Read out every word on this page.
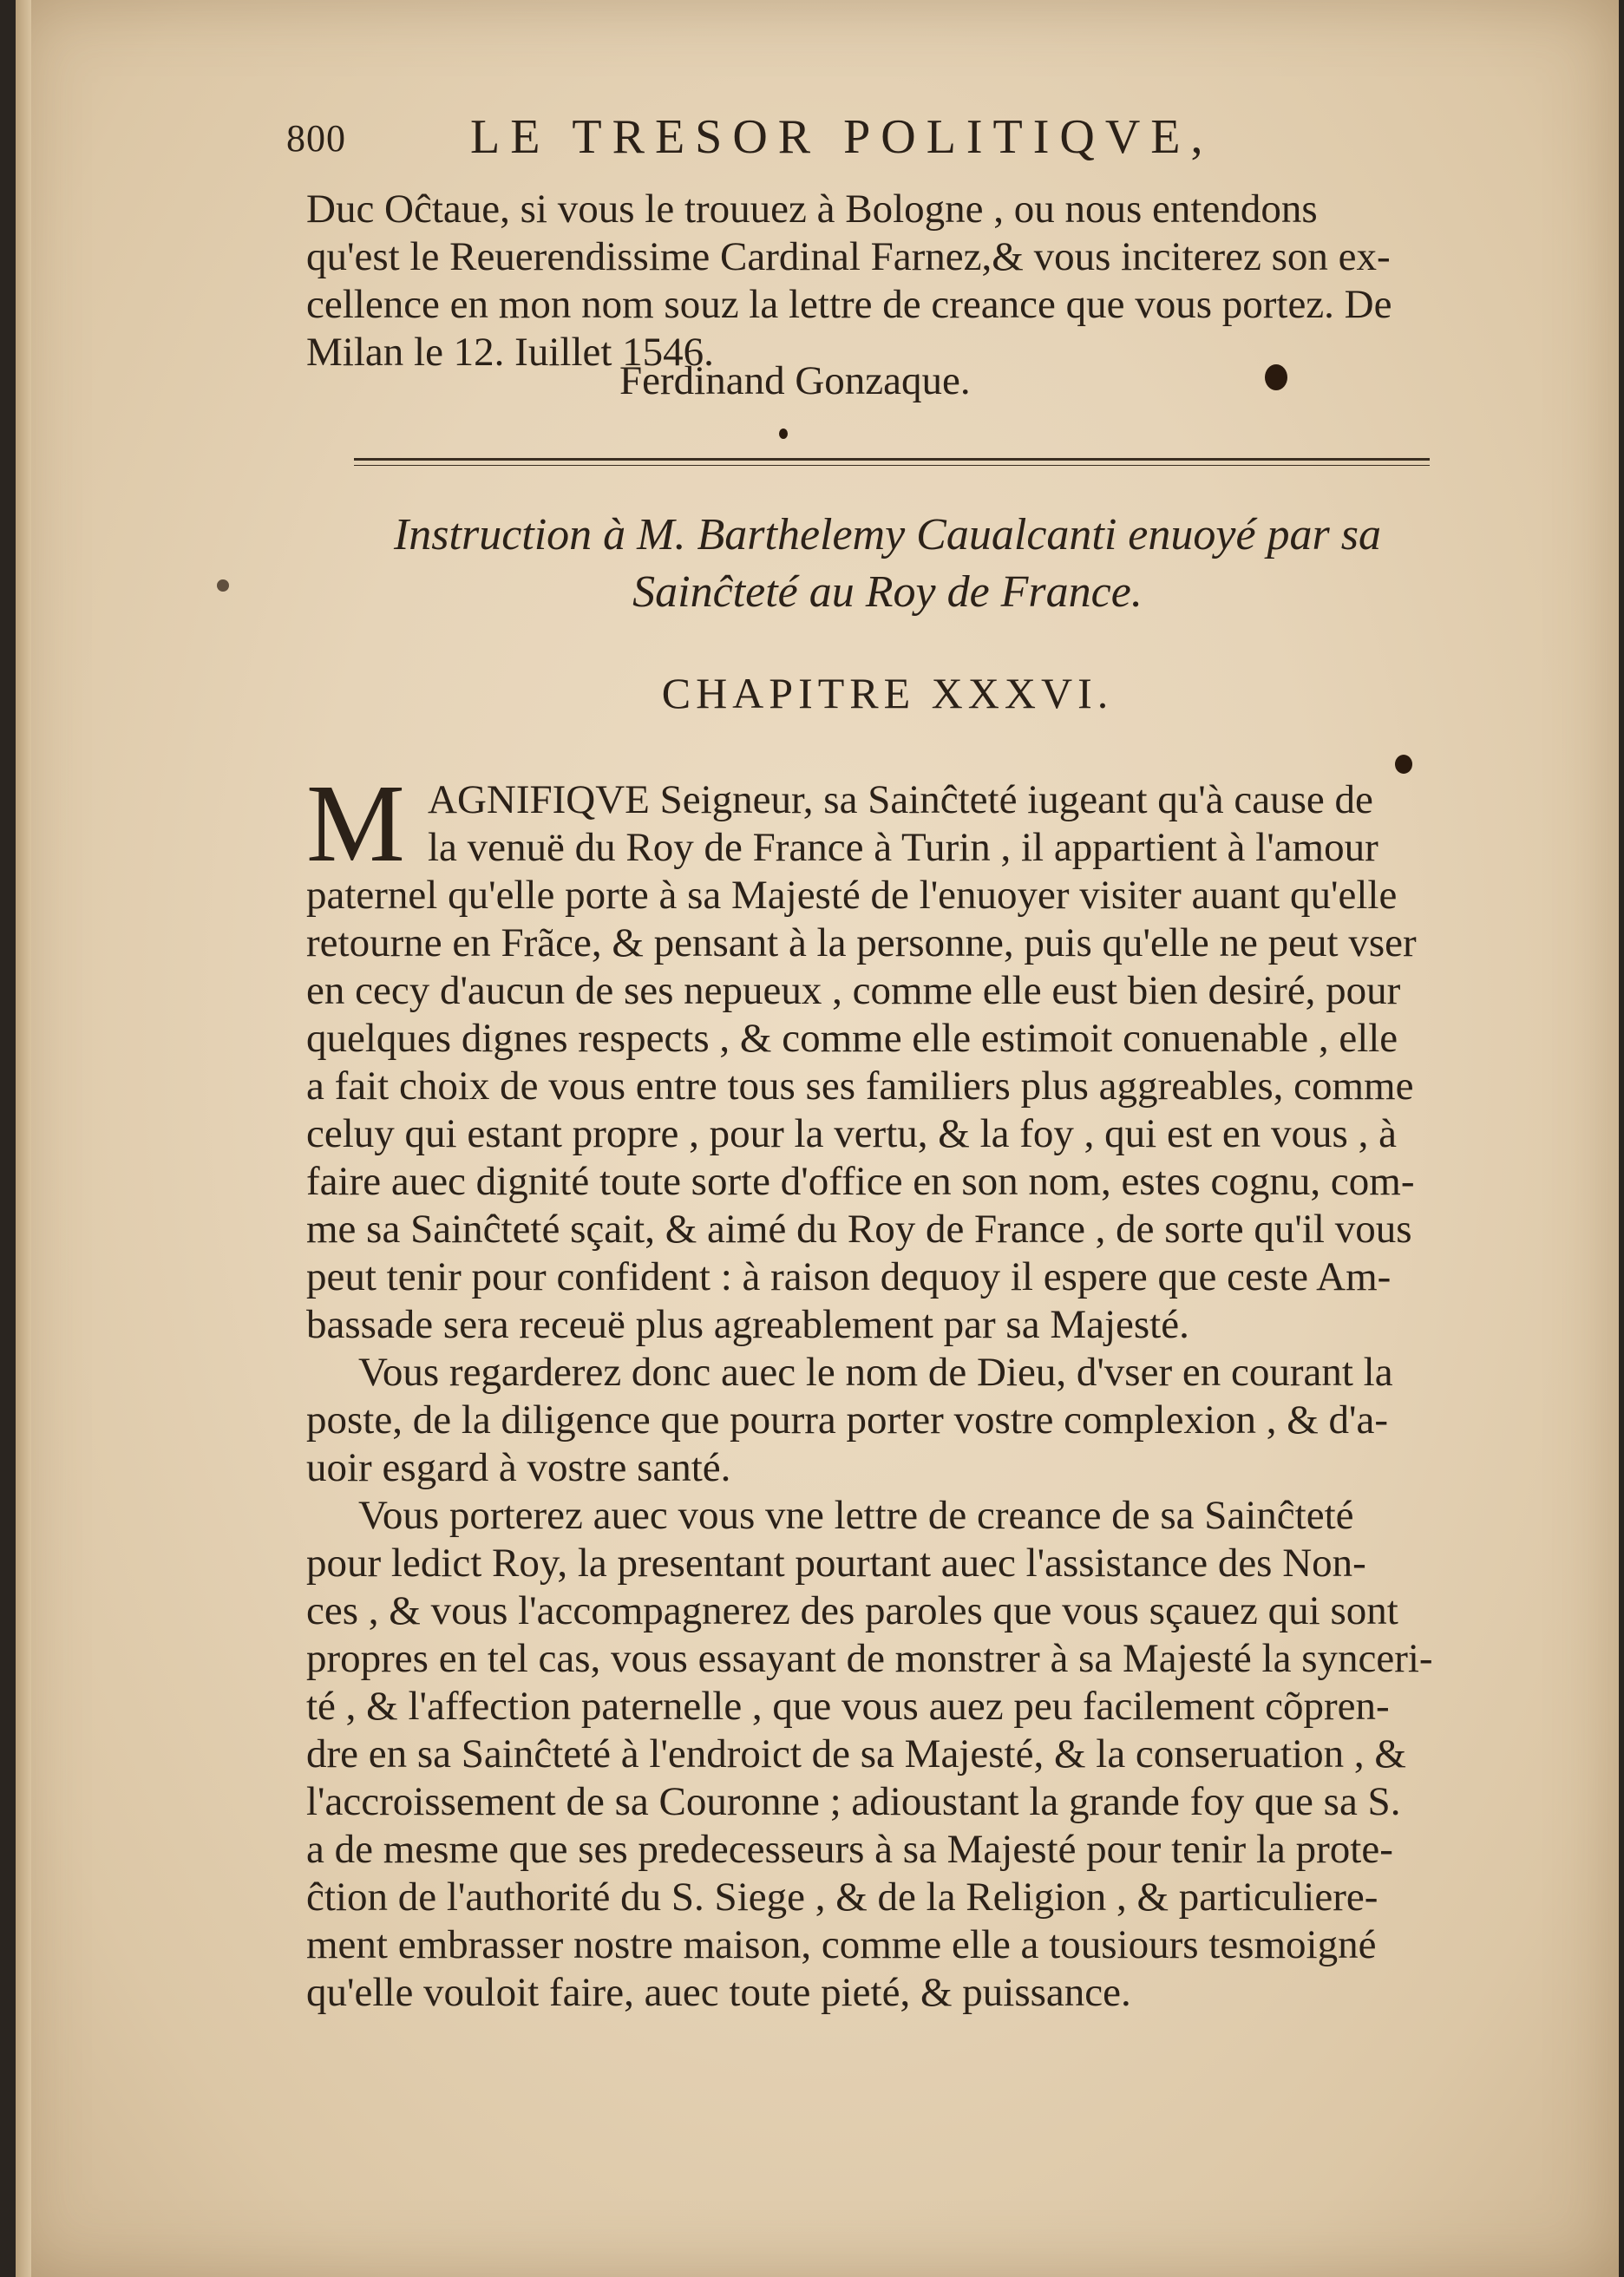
800	LE TRESOR POLITIQVE,
Duc Oĉtaue, si vous le trouuez à Bologne , ou nous entendons
qu'est le Reuerendissime Cardinal Farnez,& vous inciterez son ex-
cellence en mon nom souz la lettre de creance que vous portez. De
Milan le 12. Iuillet 1546.
Ferdinand Gonzaque.
Instruction à M. Barthelemy Caualcanti enuoyé par sa
Sainĉteté au Roy de France.
CHAPITRE XXXVI.
M AGNIFIQVE Seigneur, sa Sainĉteté iugeant qu'à cause de
la venuë du Roy de France à Turin , il appartient à l'amour
paternel qu'elle porte à sa Majesté de l'enuoyer visiter auant qu'elle
retourne en Frãce, & pensant à la personne, puis qu'elle ne peut vser
en cecy d'aucun de ses nepueux , comme elle eust bien desiré, pour
quelques dignes respects , & comme elle estimoit conuenable , elle
a fait choix de vous entre tous ses familiers plus aggreables, comme
celuy qui estant propre , pour la vertu, & la foy , qui est en vous , à
faire auec dignité toute sorte d'office en son nom, estes cognu, com-
me sa Sainĉteté sçait, & aimé du Roy de France , de sorte qu'il vous
peut tenir pour confident : à raison dequoy il espere que ceste Am-
bassade sera receuë plus agreablement par sa Majesté.
Vous regarderez donc auec le nom de Dieu, d'vser en courant la
poste, de la diligence que pourra porter vostre complexion , & d'a-
uoir esgard à vostre santé.
Vous porterez auec vous vne lettre de creance de sa Sainĉteté
pour ledict Roy, la presentant pourtant auec l'assistance des Non-
ces , & vous l'accompagnerez des paroles que vous sçauez qui sont
propres en tel cas, vous essayant de monstrer à sa Majesté la synceri-
té , & l'affection paternelle , que vous auez peu facilement cõpren-
dre en sa Sainĉteté à l'endroict de sa Majesté, & la conseruation , &
l'accroissement de sa Couronne ; adioustant la grande foy que sa S.
a de mesme que ses predecesseurs à sa Majesté pour tenir la prote-
ĉtion de l'authorité du S. Siege , & de la Religion , & particuliere-
ment embrasser nostre maison, comme elle a tousiours tesmoigné
qu'elle vouloit faire, auec toute pieté, & puissance.
